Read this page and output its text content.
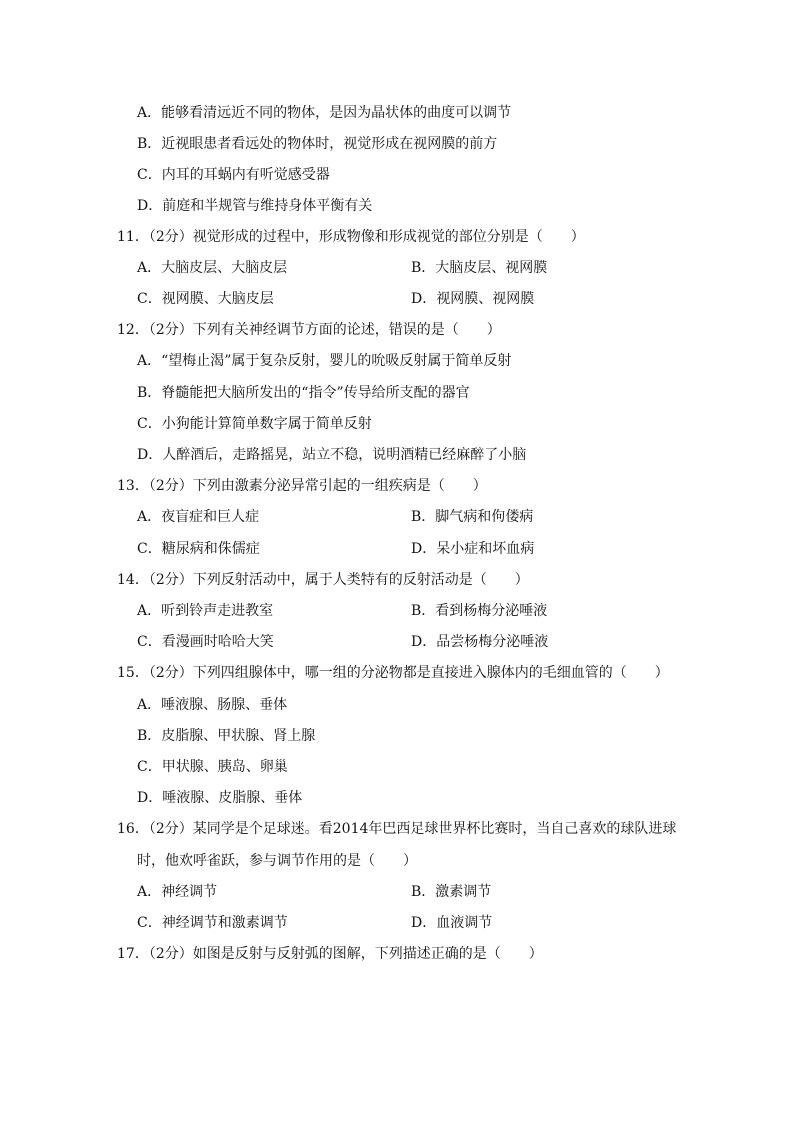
A．能够看清远近不同的物体，是因为晶状体的曲度可以调节
B．近视眼患者看远处的物体时，视觉形成在视网膜的前方
C．内耳的耳蜗内有听觉感受器
D．前庭和半规管与维持身体平衡有关
11．（2分）视觉形成的过程中，形成物像和形成视觉的部位分别是（　　）
A．大脑皮层、大脑皮层	B．大脑皮层、视网膜
C．视网膜、大脑皮层	D．视网膜、视网膜
12．（2分）下列有关神经调节方面的论述，错误的是（　　）
A．“望梅止渴”属于复杂反射，婴儿的吮吸反射属于简单反射
B．脊髓能把大脑所发出的“指令”传导给所支配的器官
C．小狗能计算简单数字属于简单反射
D．人醉酒后，走路摇晃，站立不稳，说明酒精已经麻醉了小脑
13．（2分）下列由激素分泌异常引起的一组疾病是（　　）
A．夜盲症和巨人症	B．脚气病和佝偻病
C．糖尿病和侏儒症	D．呆小症和坏血病
14．（2分）下列反射活动中，属于人类特有的反射活动是（　　）
A．听到铃声走进教室	B．看到杨梅分泌唾液
C．看漫画时哈哈大笑	D．品尝杨梅分泌唾液
15．（2分）下列四组腺体中，哪一组的分泌物都是直接进入腺体内的毛细血管的（　　）
A．唾液腺、肠腺、垂体
B．皮脂腺、甲状腺、肾上腺
C．甲状腺、胰岛、卵巢
D．唾液腺、皮脂腺、垂体
16．（2分）某同学是个足球迷。看2014年巴西足球世界杯比赛时，当自己喜欢的球队进球
时，他欢呼雀跃，参与调节作用的是（　　）
A．神经调节	B．激素调节
C．神经调节和激素调节	D．血液调节
17．（2分）如图是反射与反射弧的图解，下列描述正确的是（　　）
